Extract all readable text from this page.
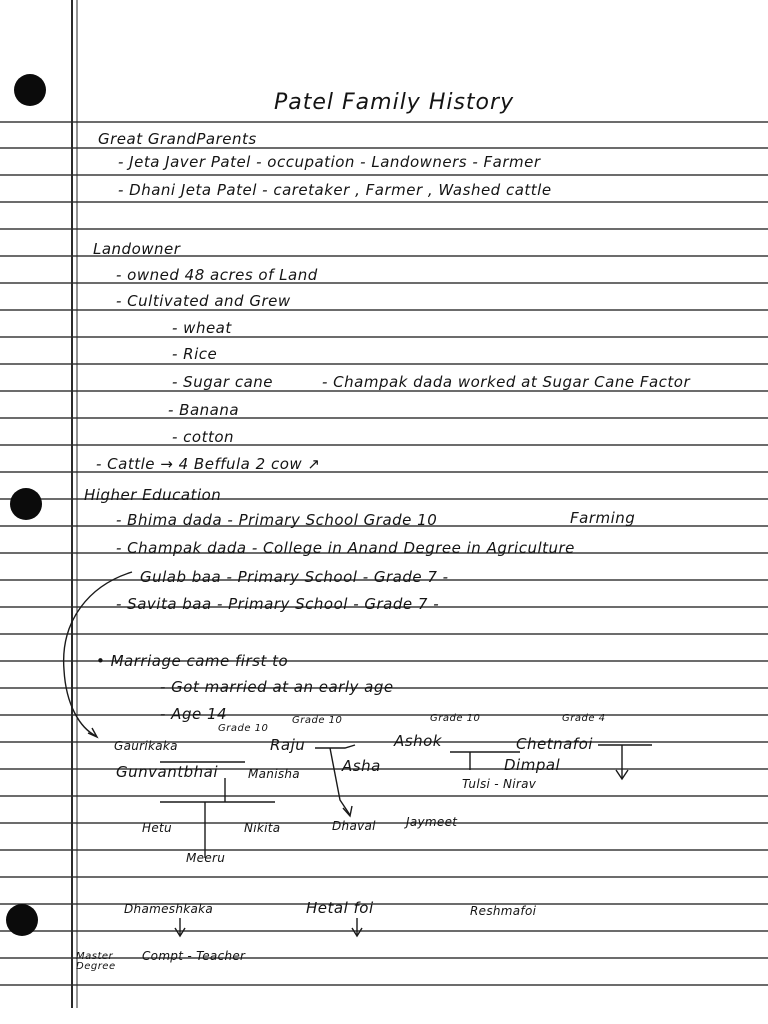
Patel Family History
Great GrandParents
- Jeta Javer Patel - occupation - Landowners - Farmer
- Dhani Jeta Patel - caretaker , Farmer , Washed cattle
Landowner
- owned 48 acres of Land
- Cultivated and Grew
- wheat
- Rice
- Sugar cane	- Champak dada worked at Sugar Cane Factor
- Banana
- cotton
- Cattle → 4 Beffula 2 cow ↗
Higher Education
- Bhima dada - Primary School Grade 10	Farming
- Champak dada - College in Anand Degree in Agriculture
Gulab baa - Primary School - Grade 7 -
- Savita baa - Primary School - Grade 7 -
• Marriage came first to
- Got married at an early age
- Age 14
Grade 10
Grade 10	Grade 10	Grade 4
Gaurikaka	Raju	Ashok	Chetnafoi
Gunvantbhai	Manisha	Asha	Dimpal
Tulsi - Nirav
Hetu	Nikita
Meeru
Dhaval	Jaymeet
Dhameshkaka	Hetal foi	Reshmafoi
Master Degree
Compt - Teacher
